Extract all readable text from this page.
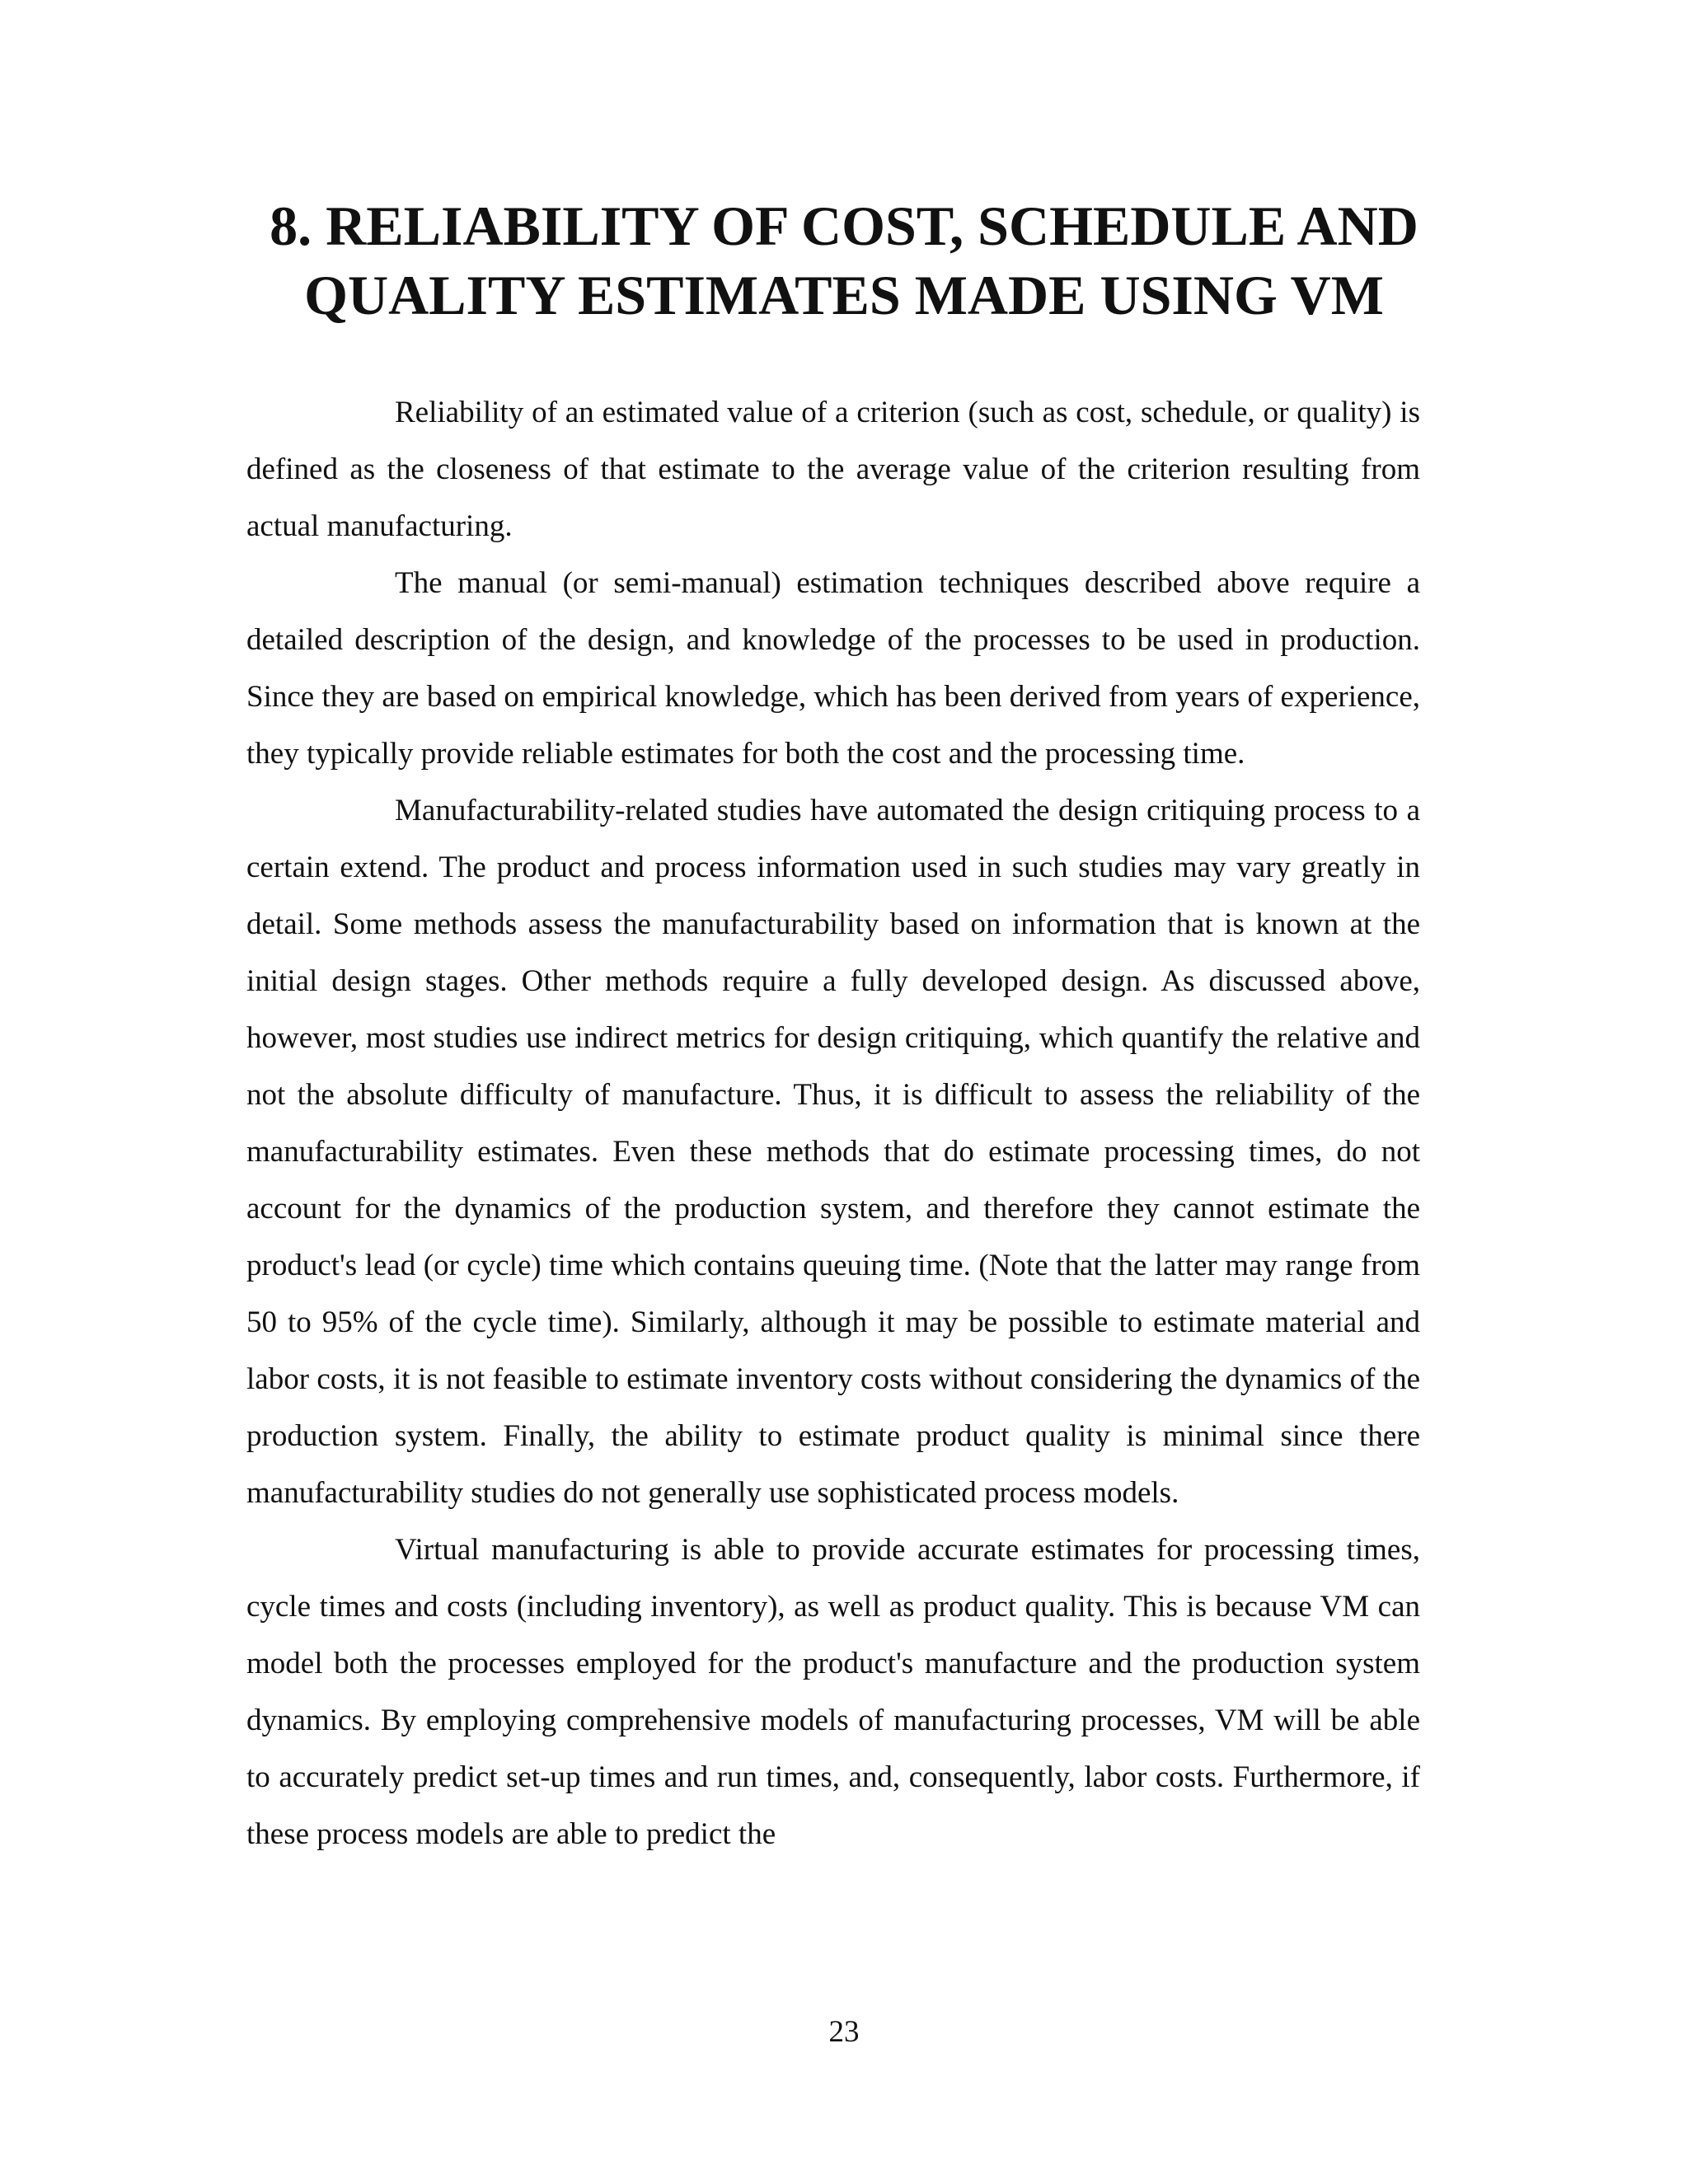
8. RELIABILITY OF COST, SCHEDULE AND
QUALITY ESTIMATES MADE USING VM

Reliability of an estimated value of a criterion (such as cost, schedule, or quality) is defined as the closeness of that estimate to the average value of the criterion resulting from actual manufacturing.

The manual (or semi-manual) estimation techniques described above require a detailed description of the design, and knowledge of the processes to be used in production. Since they are based on empirical knowledge, which has been derived from years of experience, they typically provide reliable estimates for both the cost and the processing time.

Manufacturability-related studies have automated the design critiquing process to a certain extend. The product and process information used in such studies may vary greatly in detail. Some methods assess the manufacturability based on information that is known at the initial design stages. Other methods require a fully developed design. As discussed above, however, most studies use indirect metrics for design critiquing, which quantify the relative and not the absolute difficulty of manufacture. Thus, it is difficult to assess the reliability of the manufacturability estimates. Even these methods that do estimate processing times, do not account for the dynamics of the production system, and therefore they cannot estimate the product's lead (or cycle) time which contains queuing time. (Note that the latter may range from 50 to 95% of the cycle time). Similarly, although it may be possible to estimate material and labor costs, it is not feasible to estimate inventory costs without considering the dynamics of the production system. Finally, the ability to estimate product quality is minimal since there manufacturability studies do not generally use sophisticated process models.

Virtual manufacturing is able to provide accurate estimates for processing times, cycle times and costs (including inventory), as well as product quality. This is because VM can model both the processes employed for the product's manufacture and the production system dynamics. By employing comprehensive models of manufacturing processes, VM will be able to accurately predict set-up times and run times, and, consequently, labor costs. Furthermore, if these process models are able to predict the

23
